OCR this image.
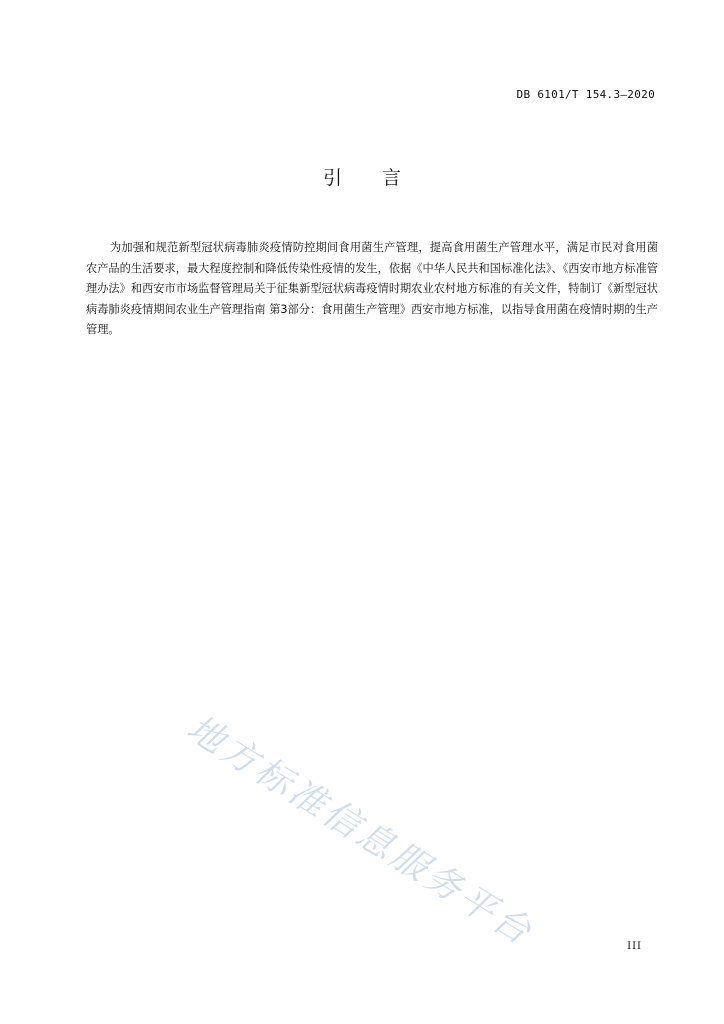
DB 6101/T 154.3—2020
引言

为加强和规范新型冠状病毒肺炎疫情防控期间食用菌生产管理，提高食用菌生产管理水平，满足市民对食用菌农产品的生活要求，最大程度控制和降低传染性疫情的发生，依据《中华人民共和国标准化法》、《西安市地方标准管理办法》和西安市市场监督管理局关于征集新型冠状病毒疫情时期农业农村地方标准的有关文件，特制订《新型冠状病毒肺炎疫情期间农业生产管理指南 第3部分：食用菌生产管理》西安市地方标准，以指导食用菌在疫情时期的生产管理。

地方标准信息服务平台	III
